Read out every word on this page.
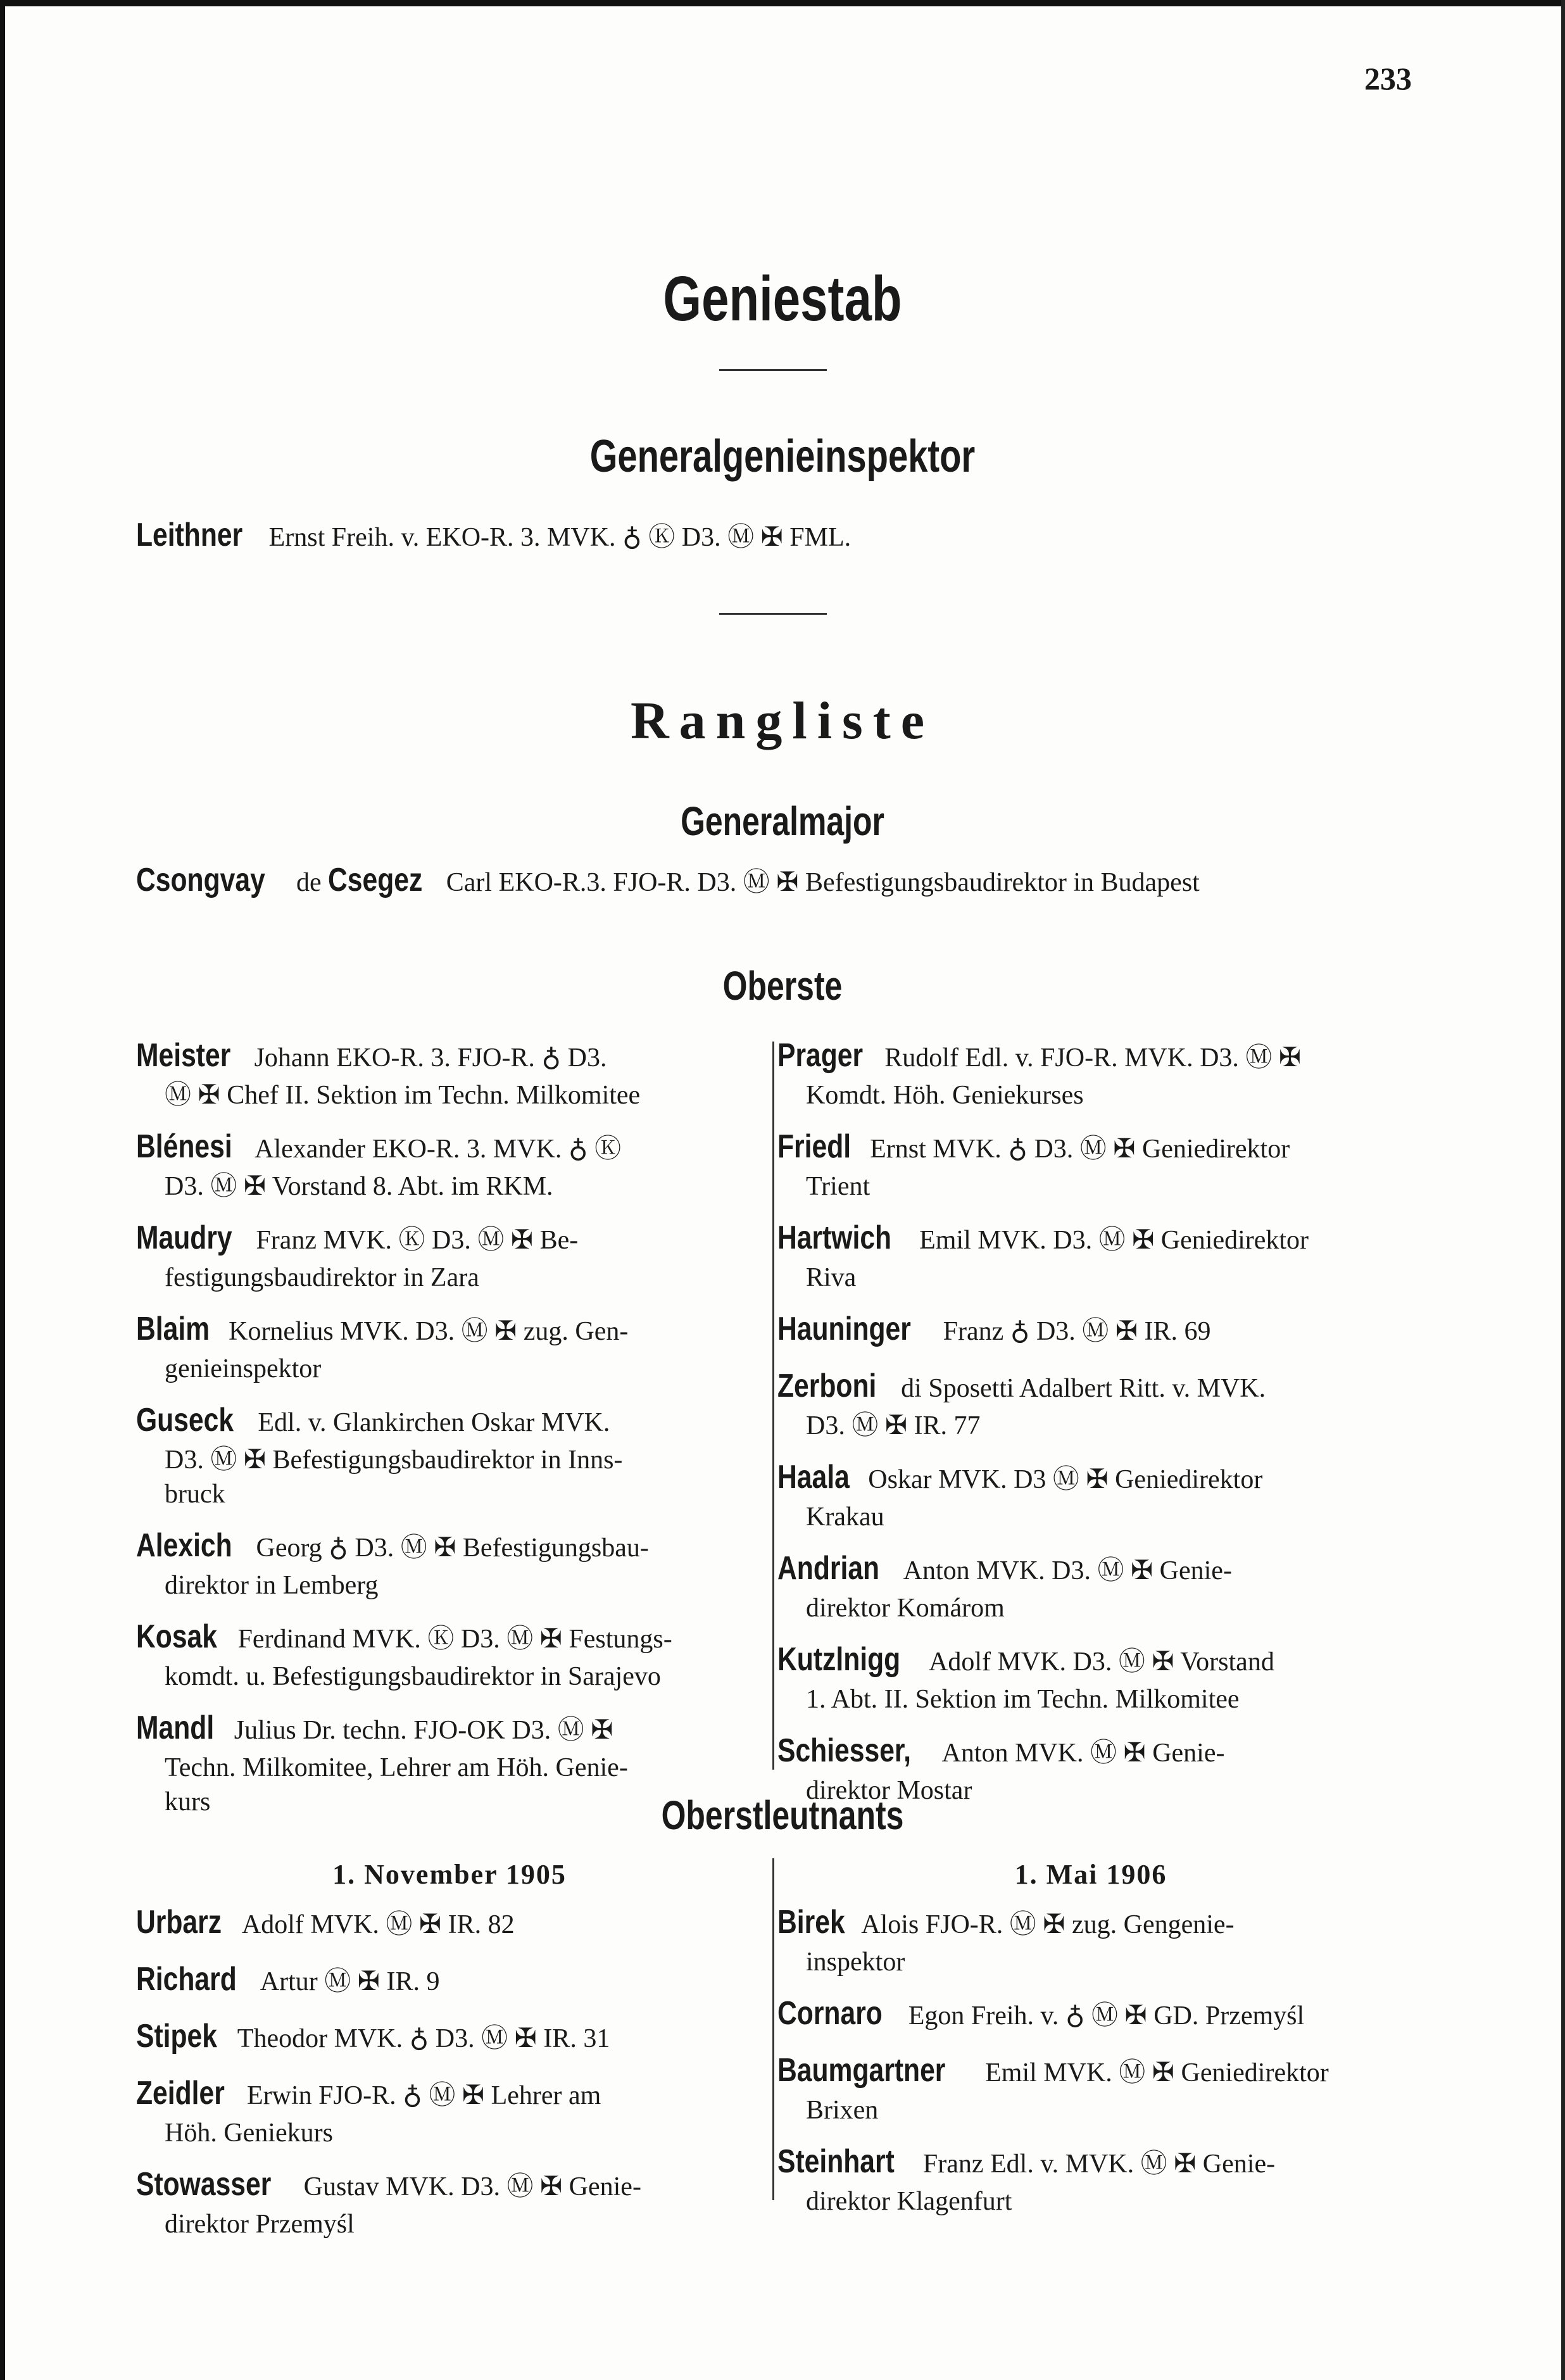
233
Geniestab
Generalgenieinspektor
Leithner Ernst Freih. v. EKO-R. 3. MVK. ♁ Ⓚ D3. Ⓜ ✠ FML.
Rangliste
Generalmajor
Csongvay de Csegez Carl EKO-R.3. FJO-R. D3. Ⓜ ✠ Befestigungsbaudirektor in Budapest
Oberste
Meister Johann EKO-R. 3. FJO-R. ♁ D3.
Ⓜ ✠ Chef II. Sektion im Techn. Milkomitee
Blénesi Alexander EKO-R. 3. MVK. ♁ Ⓚ
D3. Ⓜ ✠ Vorstand 8. Abt. im RKM.
Maudry Franz MVK. Ⓚ D3. Ⓜ ✠ Be-
festigungsbaudirektor in Zara
Blaim Kornelius MVK. D3. Ⓜ ✠ zug. Gen-
genieinspektor
Guseck Edl. v. Glankirchen Oskar MVK.
D3. Ⓜ ✠ Befestigungsbaudirektor in Inns-
bruck
Alexich Georg ♁ D3. Ⓜ ✠ Befestigungsbau-
direktor in Lemberg
Kosak Ferdinand MVK. Ⓚ D3. Ⓜ ✠ Festungs-
komdt. u. Befestigungsbaudirektor in Sarajevo
Mandl Julius Dr. techn. FJO-OK D3. Ⓜ ✠
Techn. Milkomitee, Lehrer am Höh. Genie-
kurs
Prager Rudolf Edl. v. FJO-R. MVK. D3. Ⓜ ✠
Komdt. Höh. Geniekurses
Friedl Ernst MVK. ♁ D3. Ⓜ ✠ Geniedirektor
Trient
Hartwich Emil MVK. D3. Ⓜ ✠ Geniedirektor
Riva
Hauninger Franz ♁ D3. Ⓜ ✠ IR. 69
Zerboni di Sposetti Adalbert Ritt. v. MVK.
D3. Ⓜ ✠ IR. 77
Haala Oskar MVK. D3 Ⓜ ✠ Geniedirektor
Krakau
Andrian Anton MVK. D3. Ⓜ ✠ Genie-
direktor Komárom
Kutzlnigg Adolf MVK. D3. Ⓜ ✠ Vorstand
1. Abt. II. Sektion im Techn. Milkomitee
Schiesser, Anton MVK. Ⓜ ✠ Genie-
direktor Mostar
Oberstleutnants
1. November 1905
Urbarz Adolf MVK. Ⓜ ✠ IR. 82
Richard Artur Ⓜ ✠ IR. 9
Stipek Theodor MVK. ♁ D3. Ⓜ ✠ IR. 31
Zeidler Erwin FJO-R. ♁ Ⓜ ✠ Lehrer am
Höh. Geniekurs
Stowasser Gustav MVK. D3. Ⓜ ✠ Genie-
direktor Przemyśl
1. Mai 1906
Birek Alois FJO-R. Ⓜ ✠ zug. Gengenie-
inspektor
Cornaro Egon Freih. v. ♁ Ⓜ ✠ GD. Przemyśl
Baumgartner Emil MVK. Ⓜ ✠ Geniedirektor
Brixen
Steinhart Franz Edl. v. MVK. Ⓜ ✠ Genie-
direktor Klagenfurt
